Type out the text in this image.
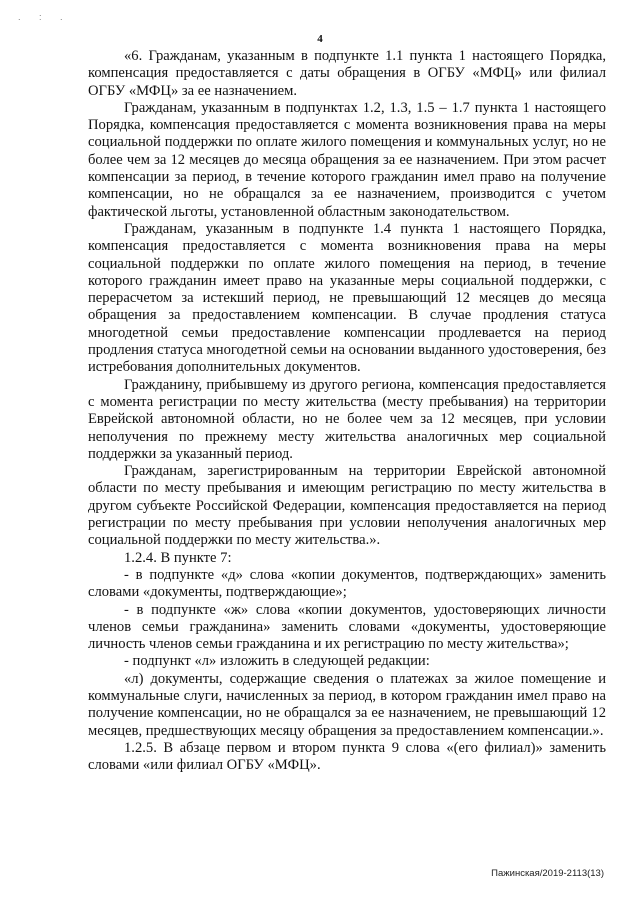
. : .
4

«6. Гражданам, указанным в подпункте 1.1 пункта 1 настоящего Порядка, компенсация предоставляется с даты обращения в ОГБУ «МФЦ» или филиал ОГБУ «МФЦ» за ее назначением.

Гражданам, указанным в подпунктах 1.2, 1.3, 1.5 – 1.7 пункта 1 настоящего Порядка, компенсация предоставляется с момента возникновения права на меры социальной поддержки по оплате жилого помещения и коммунальных услуг, но не более чем за 12 месяцев до месяца обращения за ее назначением. При этом расчет компенсации за период, в течение которого гражданин имел право на получение компенсации, но не обращался за ее назначением, производится с учетом фактической льготы, установленной областным законодательством.

Гражданам, указанным в подпункте 1.4 пункта 1 настоящего Порядка, компенсация предоставляется с момента возникновения права на меры социальной поддержки по оплате жилого помещения на период, в течение которого гражданин имеет право на указанные меры социальной поддержки, с перерасчетом за истекший период, не превышающий 12 месяцев до месяца обращения за предоставлением компенсации. В случае продления статуса многодетной семьи предоставление компенсации продлевается на период продления статуса многодетной семьи на основании выданного удостоверения, без истребования дополнительных документов.

Гражданину, прибывшему из другого региона, компенсация предоставляется с момента регистрации по месту жительства (месту пребывания) на территории Еврейской автономной области, но не более чем за 12 месяцев, при условии неполучения по прежнему месту жительства аналогичных мер социальной поддержки за указанный период.

Гражданам, зарегистрированным на территории Еврейской автономной области по месту пребывания и имеющим регистрацию по месту жительства в другом субъекте Российской Федерации, компенсация предоставляется на период регистрации по месту пребывания при условии неполучения аналогичных мер социальной поддержки по месту жительства.».

1.2.4. В пункте 7:

- в подпункте «д» слова «копии документов, подтверждающих» заменить словами «документы, подтверждающие»;

- в подпункте «ж» слова «копии документов, удостоверяющих личности членов семьи гражданина» заменить словами «документы, удостоверяющие личность членов семьи гражданина и их регистрацию по месту жительства»;

- подпункт «л» изложить в следующей редакции:

«л) документы, содержащие сведения о платежах за жилое помещение и коммунальные слуги, начисленных за период, в котором гражданин имел право на получение компенсации, но не обращался за ее назначением, не превышающий 12 месяцев, предшествующих месяцу обращения за предоставлением компенсации.».

1.2.5. В абзаце первом и втором пункта 9 слова «(его филиал)» заменить словами «или филиал ОГБУ «МФЦ».

Пажинская/2019-2113(13)
